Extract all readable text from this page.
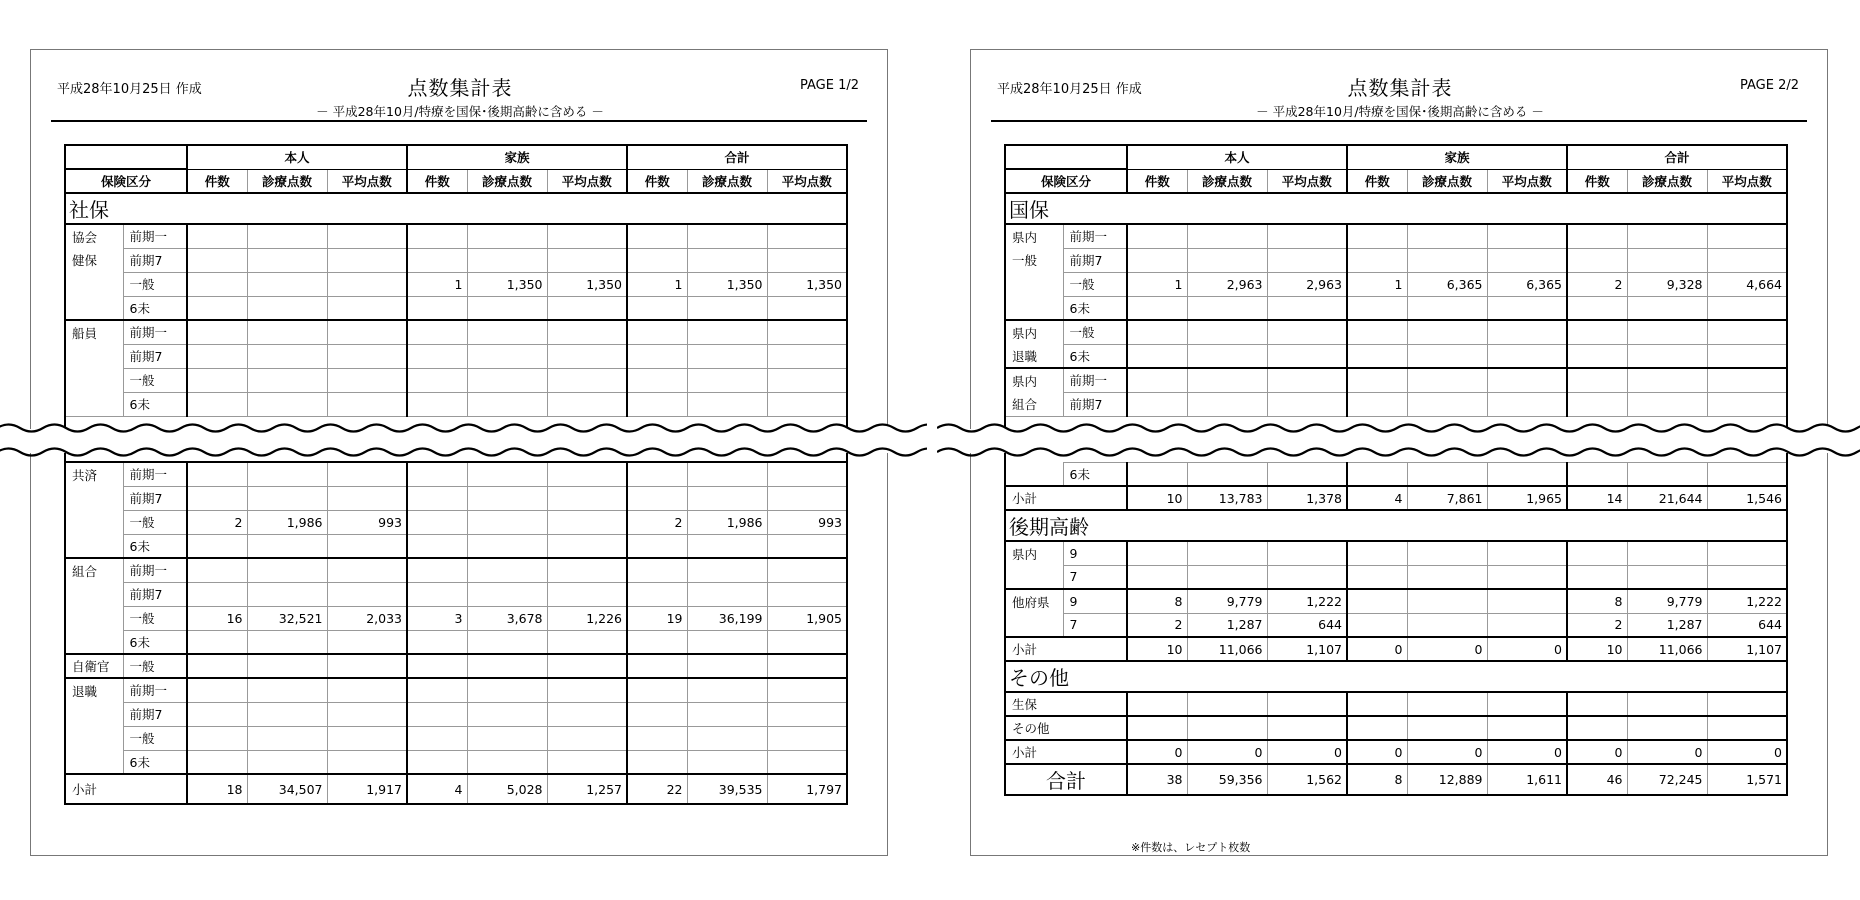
平成28年10月25日 作成	点数集計表
－ 平成28年10月/特療を国保･後期高齢に含める －
PAGE 1/2
		本人			家族			合計		
保険区分		件数	診療点数	平均点数	件数	診療点数	平均点数	件数	診療点数	平均点数
社保										
協会	前期一									
健保	前期7									
	一般				1	1,350	1,350	1	1,350	1,350
	6未									
船員	前期一									
	前期7									
	一般									
	6未									

共済	前期一									
	前期7									
	一般	2	1,986	993				2	1,986	993
	6未									
組合	前期一									
	前期7									
	一般	16	32,521	2,033	3	3,678	1,226	19	36,199	1,905
	6未									
自衛官	一般									
退職	前期一									
	前期7									
	一般									
	6未									
小計		18	34,507	1,917	4	5,028	1,257	22	39,535	1,797
平成28年10月25日 作成	点数集計表
－ 平成28年10月/特療を国保･後期高齢に含める －
PAGE 2/2
		本人			家族			合計		
保険区分		件数	診療点数	平均点数	件数	診療点数	平均点数	件数	診療点数	平均点数
国保										
県内	前期一									
一般	前期7									
	一般	1	2,963	2,963	1	6,365	6,365	2	9,328	4,664
	6未									
県内	一般									
退職	6未									
県内	前期一									
組合	前期7									

	6未									
小計		10	13,783	1,378	4	7,861	1,965	14	21,644	1,546
後期高齢										
県内	9									
	7									
他府県	9	8	9,779	1,222				8	9,779	1,222
	7	2	1,287	644				2	1,287	644
小計		10	11,066	1,107	0	0	0	10	11,066	1,107
その他										
生保										
その他										
小計		0	0	0	0	0	0	0	0	0
合計		38	59,356	1,562	8	12,889	1,611	46	72,245	1,571
※件数は、レセプト枚数
